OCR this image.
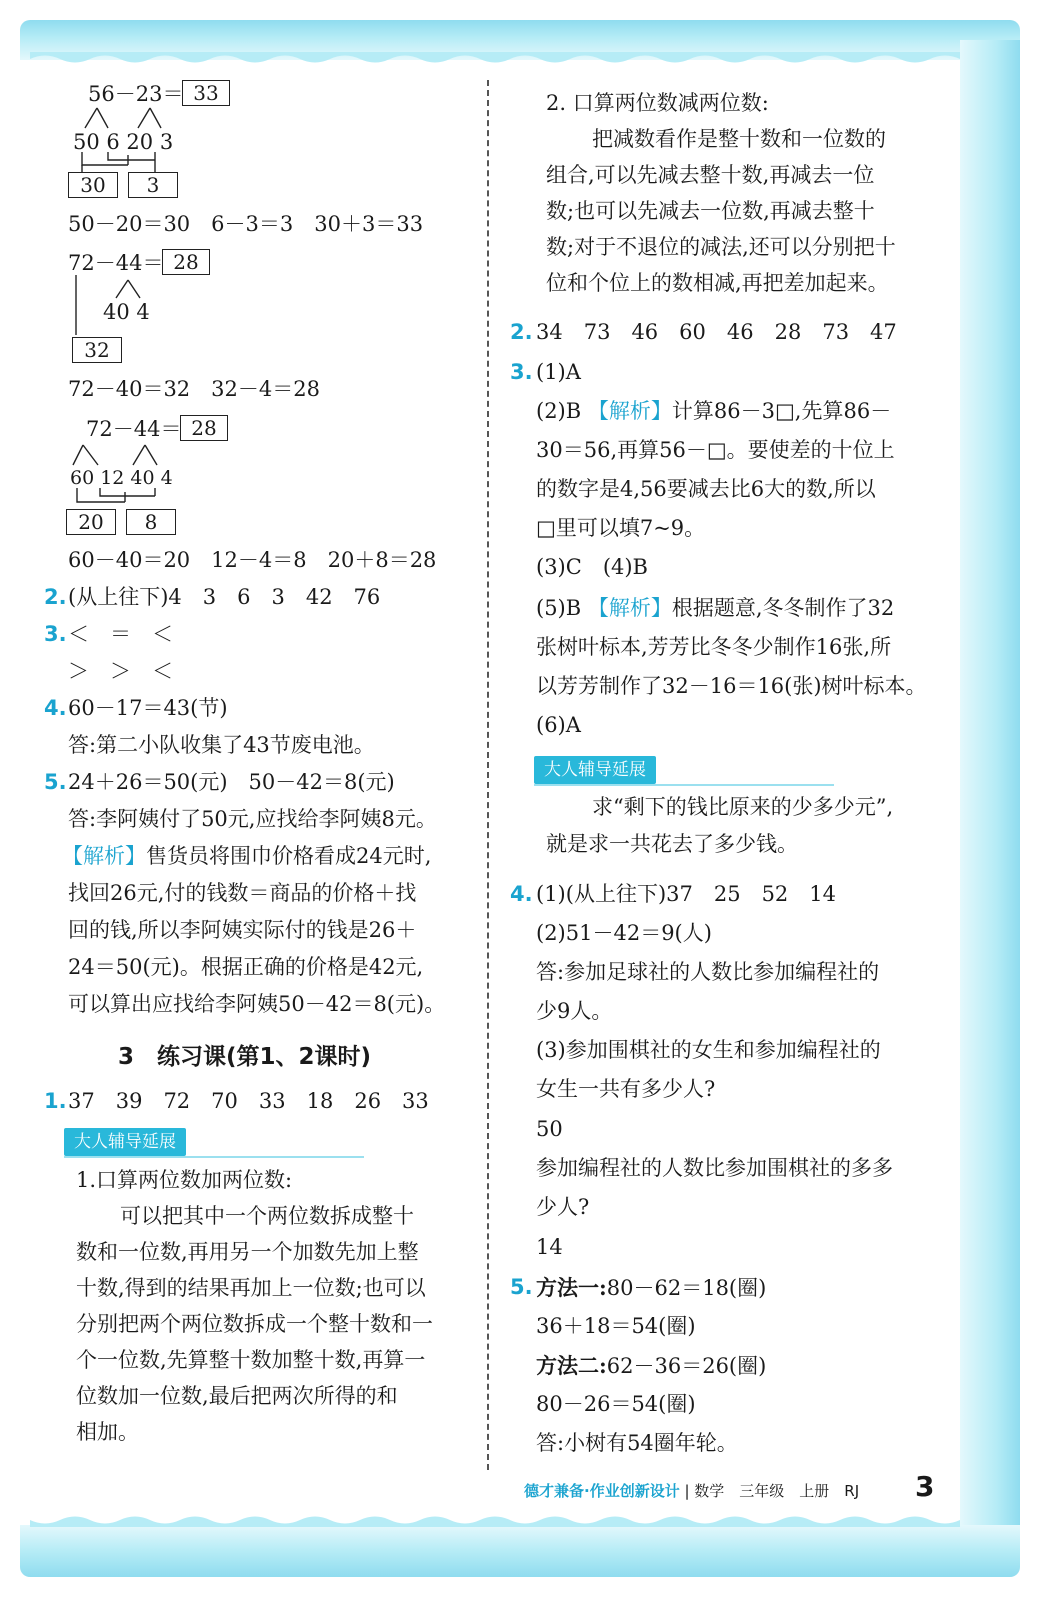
56－23＝ 33
50 6 20 3
30	3
50－20＝30　6－3＝3　30＋3＝33
72－44＝ 28
40 4
32
72－40＝32　32－4＝28
72－44＝ 28
60 12 40 4
20	8
60－40＝20　12－4＝8　20＋8＝28
2. (从上往下)4　3　6　3　42　76
3. ＜　＝　＜
＞　＞　＜
4. 60－17＝43(节)
答:第二小队收集了43节废电池。
5. 24＋26＝50(元)　50－42＝8(元)
答:李阿姨付了50元,应找给李阿姨8元。
【解析】售货员将围巾价格看成24元时,
找回26元,付的钱数＝商品的价格＋找
回的钱,所以李阿姨实际付的钱是26＋
24＝50(元)。根据正确的价格是42元,
可以算出应找给李阿姨50－42＝8(元)。
3　练习课(第1、2课时)
1. 37　39　72　70　33　18　26　33
大人辅导延展
1.口算两位数加两位数:
可以把其中一个两位数拆成整十
数和一位数,再用另一个加数先加上整
十数,得到的结果再加上一位数;也可以
分别把两个两位数拆成一个整十数和一
个一位数,先算整十数加整十数,再算一
位数加一位数,最后把两次所得的和
相加。
2. 口算两位数减两位数:
把减数看作是整十数和一位数的
组合,可以先减去整十数,再减去一位
数;也可以先减去一位数,再减去整十
数;对于不退位的减法,还可以分别把十
位和个位上的数相减,再把差加起来。
2. 34　73　46　60　46　28　73　47
3. (1)A
(2)B 【解析】计算86－3□,先算86－
30＝56,再算56－□。要使差的十位上
的数字是4,56要减去比6大的数,所以
□里可以填7~9。
(3)C　(4)B
(5)B 【解析】根据题意,冬冬制作了32
张树叶标本,芳芳比冬冬少制作16张,所
以芳芳制作了32－16＝16(张)树叶标本。
(6)A
大人辅导延展
求“剩下的钱比原来的少多少元”,
就是求一共花去了多少钱。
4. (1)(从上往下)37　25　52　14
(2)51－42＝9(人)
答:参加足球社的人数比参加编程社的
少9人。
(3)参加围棋社的女生和参加编程社的
女生一共有多少人?
50
参加编程社的人数比参加围棋社的多多
少人?
14
5. 方法一:80－62＝18(圈)
36＋18＝54(圈)
方法二:62－36＝26(圈)
80－26＝54(圈)
答:小树有54圈年轮。
德才兼备·作业创新设计 | 数学　三年级　上册　RJ 3
